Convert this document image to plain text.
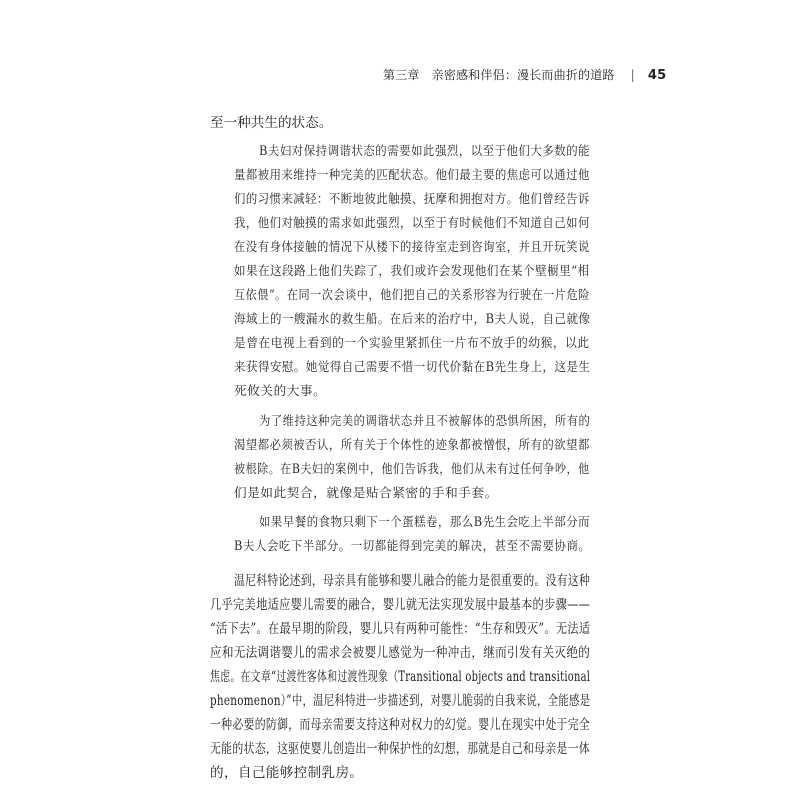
第三章 亲密感和伴侣：漫长而曲折的道路 | 45
至一种共生的状态。
B夫妇对保持调谐状态的需要如此强烈，以至于他们大多数的能
量都被用来维持一种完美的匹配状态。他们最主要的焦虑可以通过他
们的习惯来减轻：不断地彼此触摸、抚摩和拥抱对方。他们曾经告诉
我，他们对触摸的需求如此强烈，以至于有时候他们不知道自己如何
在没有身体接触的情况下从楼下的接待室走到咨询室，并且开玩笑说
如果在这段路上他们失踪了，我们或许会发现他们在某个壁橱里“相
互依偎”。在同一次会谈中，他们把自己的关系形容为行驶在一片危险
海域上的一艘漏水的救生船。在后来的治疗中，B夫人说，自己就像
是曾在电视上看到的一个实验里紧抓住一片布不放手的幼猴，以此
来获得安慰。她觉得自己需要不惜一切代价黏在B先生身上，这是生
死攸关的大事。
为了维持这种完美的调谐状态并且不被解体的恐惧所困，所有的
渴望都必须被否认，所有关于个体性的迹象都被憎恨，所有的欲望都
被根除。在B夫妇的案例中，他们告诉我，他们从未有过任何争吵，他
们是如此契合，就像是贴合紧密的手和手套。
如果早餐的食物只剩下一个蛋糕卷，那么B先生会吃上半部分而
B夫人会吃下半部分。一切都能得到完美的解决，甚至不需要协商。
温尼科特论述到，母亲具有能够和婴儿融合的能力是很重要的。没有这种
几乎完美地适应婴儿需要的融合，婴儿就无法实现发展中最基本的步骤——
“活下去”。在最早期的阶段，婴儿只有两种可能性：“生存和毁灭”。无法适
应和无法调谐婴儿的需求会被婴儿感觉为一种冲击，继而引发有关灭绝的
焦虑。在文章“过渡性客体和过渡性现象（Transitional objects and transitional
phenomenon）”中，温尼科特进一步描述到，对婴儿脆弱的自我来说，全能感是
一种必要的防御，而母亲需要支持这种对权力的幻觉。婴儿在现实中处于完全
无能的状态，这驱使婴儿创造出一种保护性的幻想，那就是自己和母亲是一体
的，自己能够控制乳房。
